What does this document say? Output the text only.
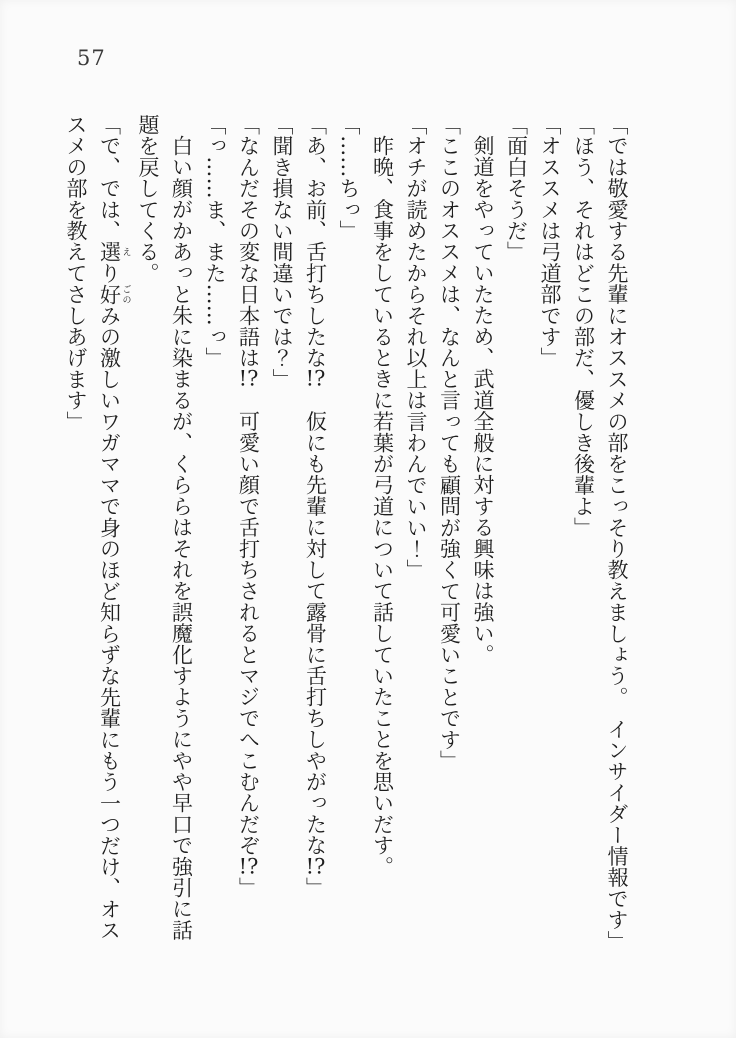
57

「では敬愛する先輩にオススメの部をこっそり教えましょう。　インサイダー情報です」

「ほう、それはどこの部だ、優しき後輩よ」

「オススメは弓道部です」

「面白そうだ」

剣道をやっていたため、武道全般に対する興味は強い。

「ここのオススメは、なんと言っても顧問が強くて可愛いことです」

「オチが読めたからそれ以上は言わんでいい！」

昨晩、食事をしているときに若葉が弓道について話していたことを思いだす。

「……ちっ」

「あ、お前、舌打ちしたな!?　仮にも先輩に対して露骨に舌打ちしやがったな!?」

「聞き損ない間違いでは？」

「なんだその変な日本語は!?　可愛い顔で舌打ちされるとマジでへこむんだぞ!?」

「っ……ま、また……っ」

白い顔がかあっと朱に染まるが、くららはそれを誤魔化すようにやや早口で強引に話題を戻してくる。

「で、では、選 えり好 ごのみの激しいワガママで身のほど知らずな先輩にもう一つだけ、オススメの部を教えてさしあげます」
